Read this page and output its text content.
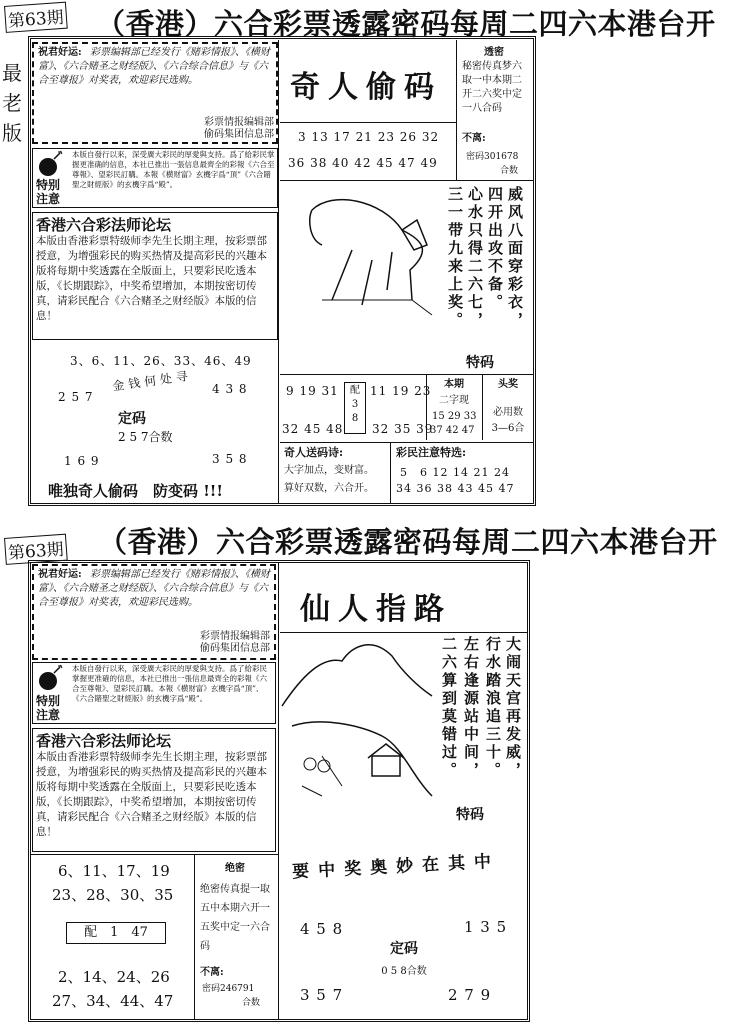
第63期 （香港）六合彩票透露密码每周二四六本港台开
最老版
祝君好运: 彩票编辑部已经发行《赌彩情报》、《横财富》、《六合赌圣之财经版》、《六合综合信息》与《六合至尊报》对奖表，欢迎彩民选购。
彩票情报编辑部
偷码集团信息部
特别注意
本版自發行以來，深受廣大彩民的厚愛與支持。爲了給彩民掌握更准确的信息，本社已推出一張信息最齊全的彩報《六合至尊報》、望彩民訂購。本報《横财富》玄機字爲“頂”《六合賭聖之財經版》的玄機字爲“殿”。
香港六合彩法师论坛
本版由香港彩票特级师李先生长期主理，按彩票部授意，为增强彩民的购买热情及提高彩民的兴趣本版将每期中奖透露在全版面上，只要彩民吃透本版，《长期跟踪》，中奖希望增加，本期按密切传真，请彩民配合《六合赌圣之财经版》本版的信息！
3、6、11、26、33、46、49
金钱何处寻
2 5 7
4 3 8
定码
2 5 7合数
1 6 9	3 5 8
唯独奇人偷码　防变码 !!!
奇人偷码
3 13 17 21 23 26 32
36 38 40 42 45 47 49
透密
秘密传真梦六取一中本期二开二六奖中定一八合码
不离:
密码301678
合数
威风八面穿彩衣，
四开出攻不备。
心水只得二六七，
三一带九来上奖。
特码
9 19 31
32 45 48
配
3 8
11 19 23
32 35 39
本期
二字现
15 29 33
37 42 47
头奖
必用数
3—6合
奇人送码诗:
大字加点，变财富。
算好双数，六合开。
彩民注意特选:
5　6 12 14 21 24
34 36 38 43 45 47
第63期 （香港）六合彩票透露密码每周二四六本港台开
祝君好运: 彩票编辑部已经发行《赌彩情报》、《横财富》、《六合赌圣之财经版》、《六合综合信息》与《六合至尊报》对奖表，欢迎彩民选购。
彩票情报编辑部
偷码集团信息部
特别注意
本版自發行以來，深受廣大彩民的厚愛與支持。爲了給彩民掌握更准確的信息，本社已推出一張信息最齊全的彩報《六合至尊報》、望彩民訂購。本報《横财富》玄機字爲“頂”、《六合賭聖之財經版》的玄機字爲“殿”。
香港六合彩法师论坛
本版由香港彩票特级师李先生长期主理，按彩票部授意，为增强彩民的购买热情及提高彩民的兴趣本版将每期中奖透露在全版面上，只要彩民吃透本版，《长期跟踪》，中奖希望增加，本期按密切传真，请彩民配合《六合赌圣之财经版》本版的信息！
6、11、17、19
23、28、30、35
配　1　47
2、14、24、26
27、34、44、47
绝密
绝密传真提一取五中本期六开一五奖中定一六合码
不离:
密码246791
合数
仙人指路
大闹天宫再发威，
行水踏浪追三十。
左右逢源站中间，
二六算到莫错过。
特码
要中奖奥妙在其中
4 5 8	1 3 5
定码
0 5 8合数
3 5 7	2 7 9
